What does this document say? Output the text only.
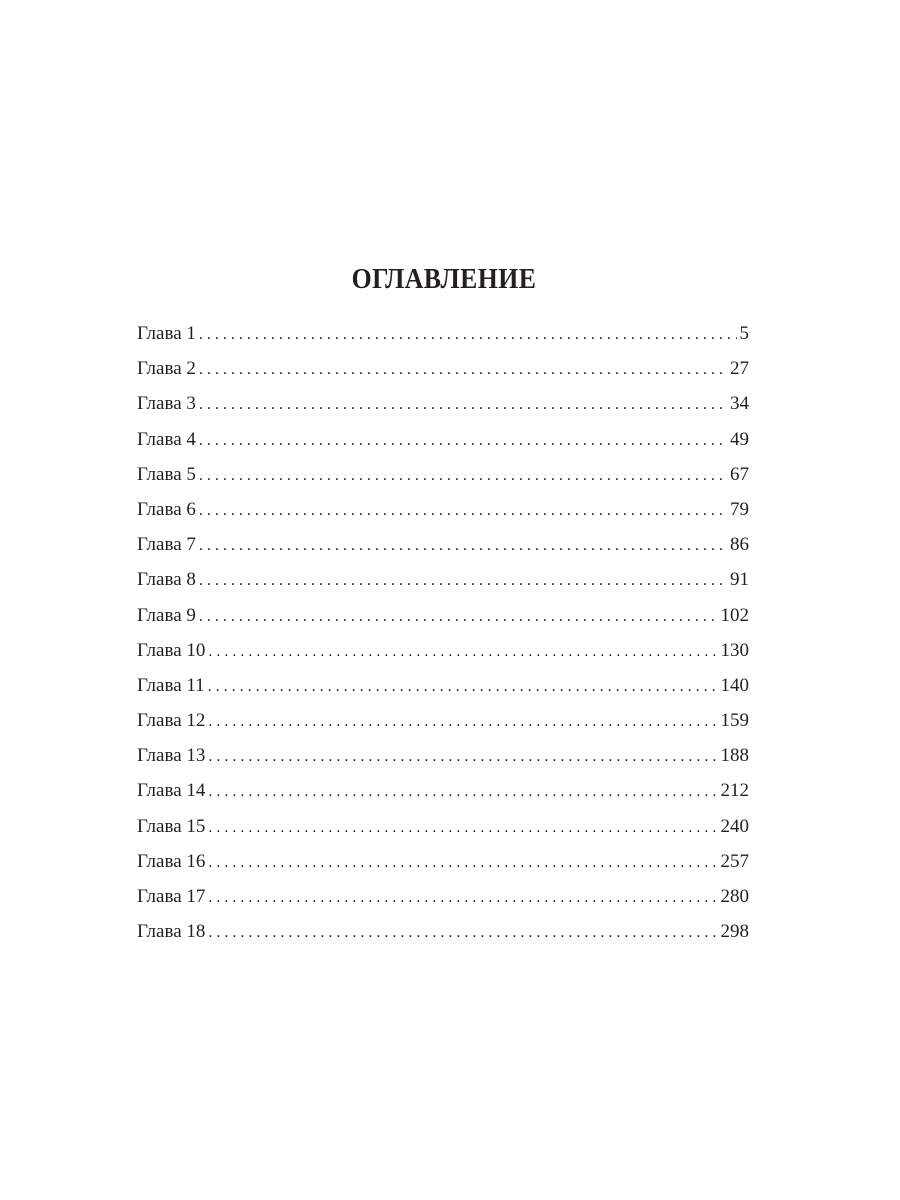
ОГЛАВЛЕНИЕ
Глава 1 . . .	5
Глава 2 . . .	27
Глава 3 . . .	34
Глава 4 . . .	49
Глава 5 . . .	67
Глава 6 . . .	79
Глава 7 . . .	86
Глава 8 . . .	91
Глава 9 . . .	102
Глава 10 . . .	130
Глава 11 . . .	140
Глава 12 . . .	159
Глава 13 . . .	188
Глава 14 . . .	212
Глава 15 . . .	240
Глава 16 . . .	257
Глава 17 . . .	280
Глава 18 . . .	298
